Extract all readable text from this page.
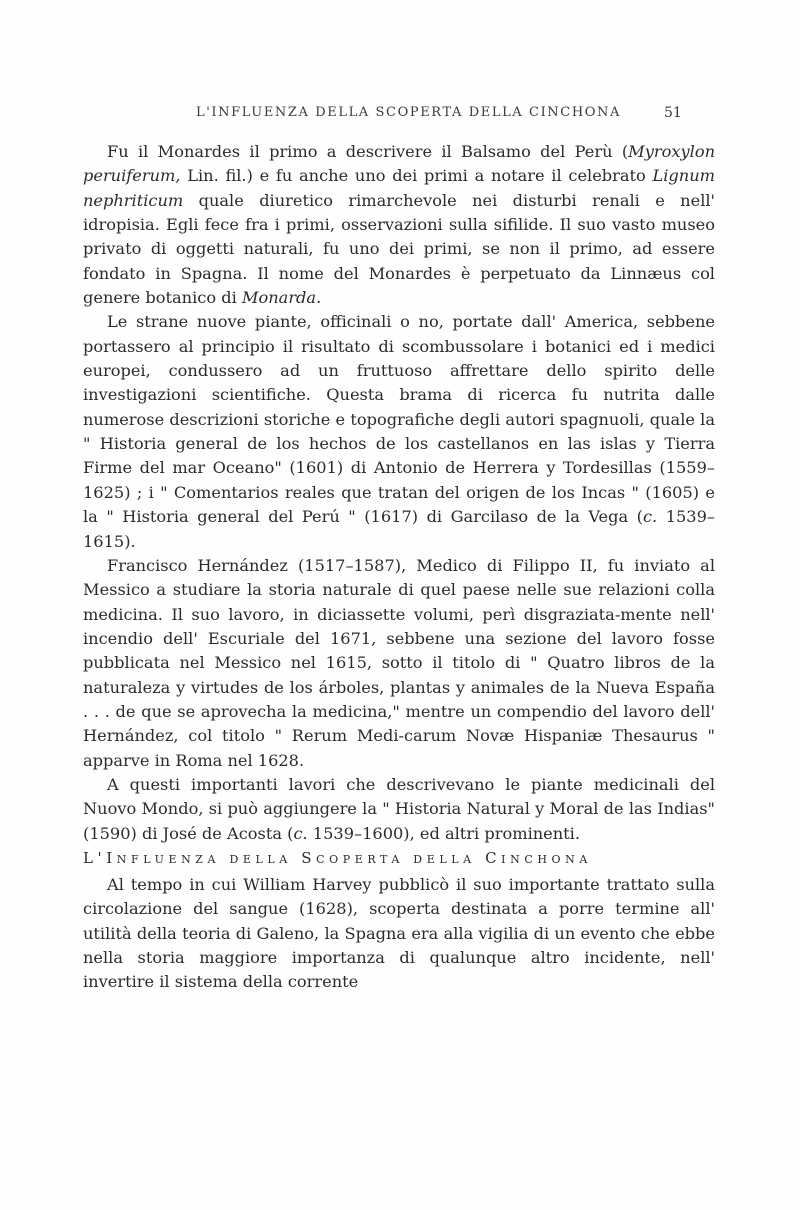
L'INFLUENZA DELLA SCOPERTA DELLA CINCHONA	51

Fu il Monardes il primo a descrivere il Balsamo del Perù (Myroxylon peruiferum, Lin. fil.) e fu anche uno dei primi a notare il celebrato Lignum nephriticum quale diuretico rimarchevole nei disturbi renali e nell' idropisia. Egli fece fra i primi, osservazioni sulla sifilide. Il suo vasto museo privato di oggetti naturali, fu uno dei primi, se non il primo, ad essere fondato in Spagna. Il nome del Monardes è perpetuato da Linnæus col genere botanico di Monarda.

Le strane nuove piante, officinali o no, portate dall' America, sebbene portassero al principio il risultato di scombussolare i botanici ed i medici europei, condussero ad un fruttuoso affrettare dello spirito delle investigazioni scientifiche. Questa brama di ricerca fu nutrita dalle numerose descrizioni storiche e topografiche degli autori spagnuoli, quale la " Historia general de los hechos de los castellanos en las islas y Tierra Firme del mar Oceano" (1601) di Antonio de Herrera y Tordesillas (1559–1625) ; i " Comentarios reales que tratan del origen de los Incas " (1605) e la " Historia general del Perú " (1617) di Garcilaso de la Vega (c. 1539–1615).

Francisco Hernández (1517–1587), Medico di Filippo II, fu inviato al Messico a studiare la storia naturale di quel paese nelle sue relazioni colla medicina. Il suo lavoro, in diciassette volumi, perì disgraziata-mente nell' incendio dell' Escuriale del 1671, sebbene una sezione del lavoro fosse pubblicata nel Messico nel 1615, sotto il titolo di " Quatro libros de la naturaleza y virtudes de los árboles, plantas y animales de la Nueva España . . . de que se aprovecha la medicina," mentre un compendio del lavoro dell' Hernández, col titolo " Rerum Medi-carum Novæ Hispaniæ Thesaurus " apparve in Roma nel 1628.

A questi importanti lavori che descrivevano le piante medicinali del Nuovo Mondo, si può aggiungere la " Historia Natural y Moral de las Indias" (1590) di José de Acosta (c. 1539–1600), ed altri prominenti.

L'Influenza della Scoperta della Cinchona

Al tempo in cui William Harvey pubblicò il suo importante trattato sulla circolazione del sangue (1628), scoperta destinata a porre termine all' utilità della teoria di Galeno, la Spagna era alla vigilia di un evento che ebbe nella storia maggiore importanza di qualunque altro incidente, nell' invertire il sistema della corrente
